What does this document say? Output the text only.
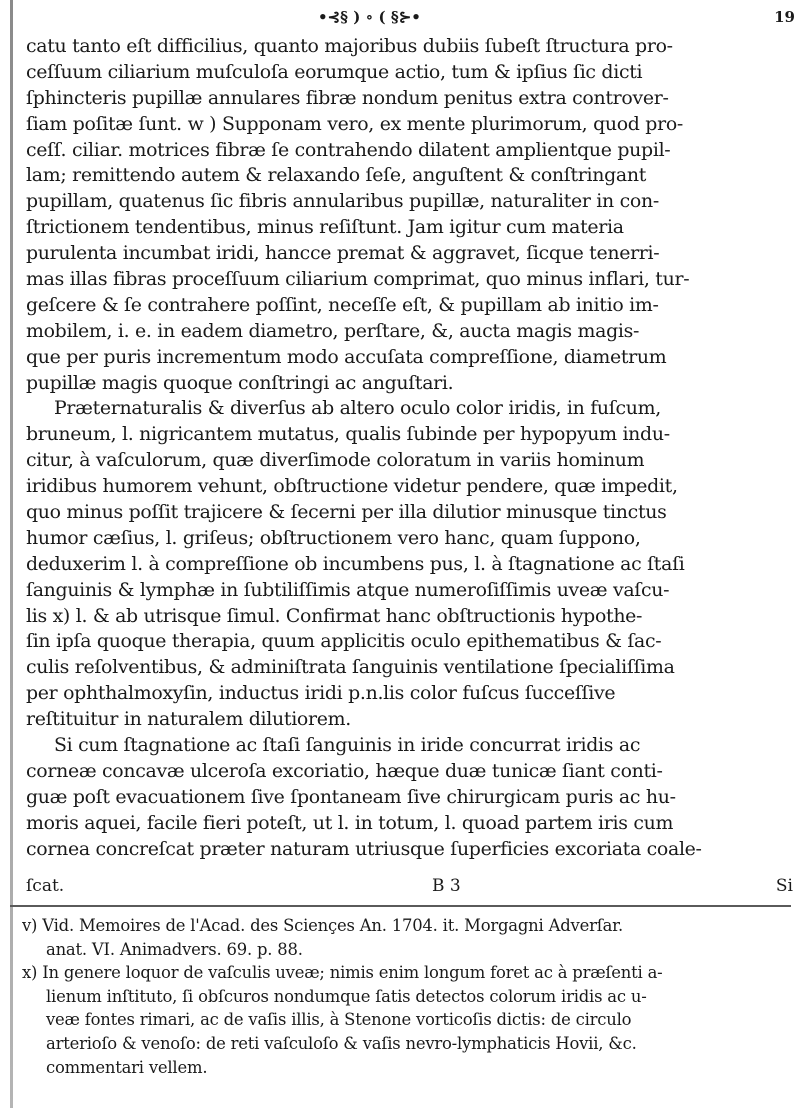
•⊰§ ) ∘ ( §⊱•	19
catu tanto eſt difficilius, quanto majoribus dubiis ſubeſt ſtructura pro-
ceſſuum ciliarium muſculoſa eorumque actio, tum & ipſius ſic dicti
ſphincteris pupillæ annulares fibræ nondum penitus extra controver-
ſiam poſitæ ſunt. w ) Supponam vero, ex mente plurimorum, quod pro-
ceſſ. ciliar. motrices fibræ ſe contrahendo dilatent amplientque pupil-
lam; remittendo autem & relaxando ſeſe, anguſtent & conſtringant
pupillam, quatenus ſic fibris annularibus pupillæ, naturaliter in con-
ſtrictionem tendentibus, minus reſiſtunt. Jam igitur cum materia
purulenta incumbat iridi, hancce premat & aggravet, ſicque tenerri-
mas illas fibras proceſſuum ciliarium comprimat, quo minus inflari, tur-
geſcere & ſe contrahere poſſint, neceſſe eſt, & pupillam ab initio im-
mobilem, i. e. in eadem diametro, perſtare, &, aucta magis magis-
que per puris incrementum modo accuſata compreſſione, diametrum
pupillæ magis quoque conſtringi ac anguſtari.
Præternaturalis & diverſus ab altero oculo color iridis, in fuſcum,
bruneum, l. nigricantem mutatus, qualis ſubinde per hypopyum indu-
citur, à vaſculorum, quæ diverſimode coloratum in variis hominum
iridibus humorem vehunt, obſtructione videtur pendere, quæ impedit,
quo minus poſſit trajicere & ſecerni per illa dilutior minusque tinctus
humor cæſius, l. griſeus; obſtructionem vero hanc, quam ſuppono,
deduxerim l. à compreſſione ob incumbens pus, l. à ſtagnatione ac ſtaſi
ſanguinis & lymphæ in ſubtiliſſimis atque numeroſiſſimis uveæ vaſcu-
lis x) l. & ab utrisque ſimul. Confirmat hanc obſtructionis hypothe-
ſin ipſa quoque therapia, quum applicitis oculo epithematibus & ſac-
culis reſolventibus, & adminiſtrata ſanguinis ventilatione ſpecialiſſima
per ophthalmoxyſin, inductus iridi p.n.lis color fuſcus ſucceſſive
reſtituitur in naturalem dilutiorem.
Si cum ſtagnatione ac ſtaſi ſanguinis in iride concurrat iridis ac
corneæ concavæ ulceroſa excoriatio, hæque duæ tunicæ ſiant conti-
guæ poſt evacuationem ſive ſpontaneam ſive chirurgicam puris ac hu-
moris aquei, facile fieri poteſt, ut l. in totum, l. quoad partem iris cum
cornea concreſcat præter naturam utriusque ſuperficies excoriata coale-
ſcat.	B 3	Si
v) Vid. Memoires de l'Acad. des Sciençes An. 1704. it. Morgagni Adverſar.
anat. VI. Animadvers. 69. p. 88.
x) In genere loquor de vaſculis uveæ; nimis enim longum foret ac à præſenti a-
lienum inſtituto, ſi obſcuros nondumque ſatis detectos colorum iridis ac u-
veæ fontes rimari, ac de vaſis illis, à Stenone vorticoſis dictis: de circulo
arterioſo & venoſo: de reti vaſculoſo & vaſis nevro-lymphaticis Hovii, &c.
commentari vellem.
